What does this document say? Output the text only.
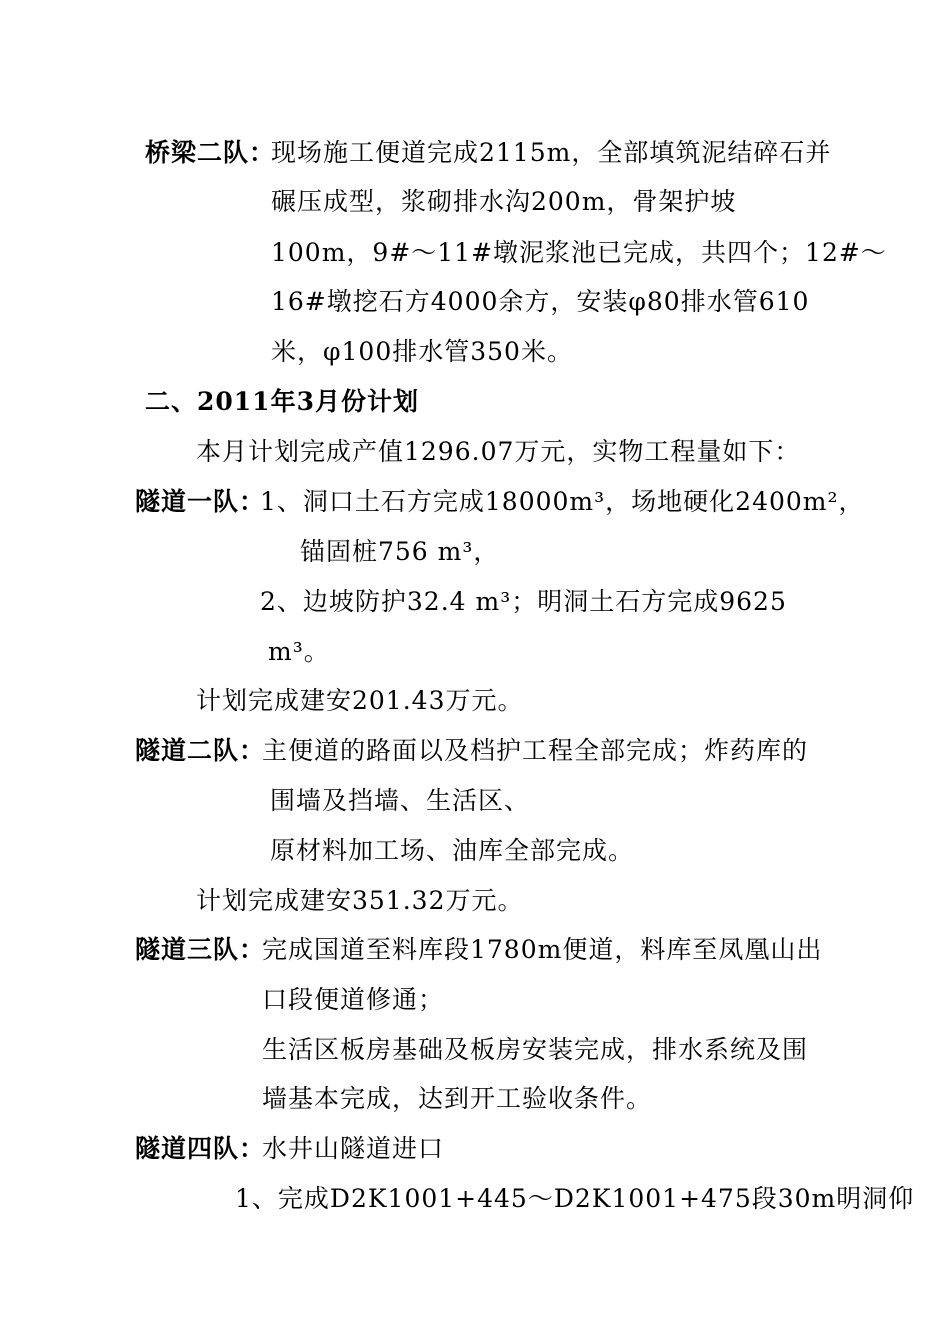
桥梁二队：
现场施工便道完成2115m，全部填筑泥结碎石并
碾压成型，浆砌排水沟200m，骨架护坡
100m，9#～11#墩泥浆池已完成，共四个；12#～
16#墩挖石方4000余方，安装φ80排水管610
米，φ100排水管350米。
二、2011年3月份计划
本月计划完成产值1296.07万元，实物工程量如下：
隧道一队：
1、洞口土石方完成18000m³，场地硬化2400m²，
锚固桩756 m³，
2、边坡防护32.4 m³；明洞土石方完成9625
m³。
计划完成建安201.43万元。
隧道二队：
主便道的路面以及档护工程全部完成；炸药库的
围墙及挡墙、生活区、
原材料加工场、油库全部完成。
计划完成建安351.32万元。
隧道三队：
完成国道至料库段1780m便道，料库至凤凰山出
口段便道修通；
生活区板房基础及板房安装完成，排水系统及围
墙基本完成，达到开工验收条件。
隧道四队：
水井山隧道进口
1、完成D2K1001+445～D2K1001+475段30m明洞仰
